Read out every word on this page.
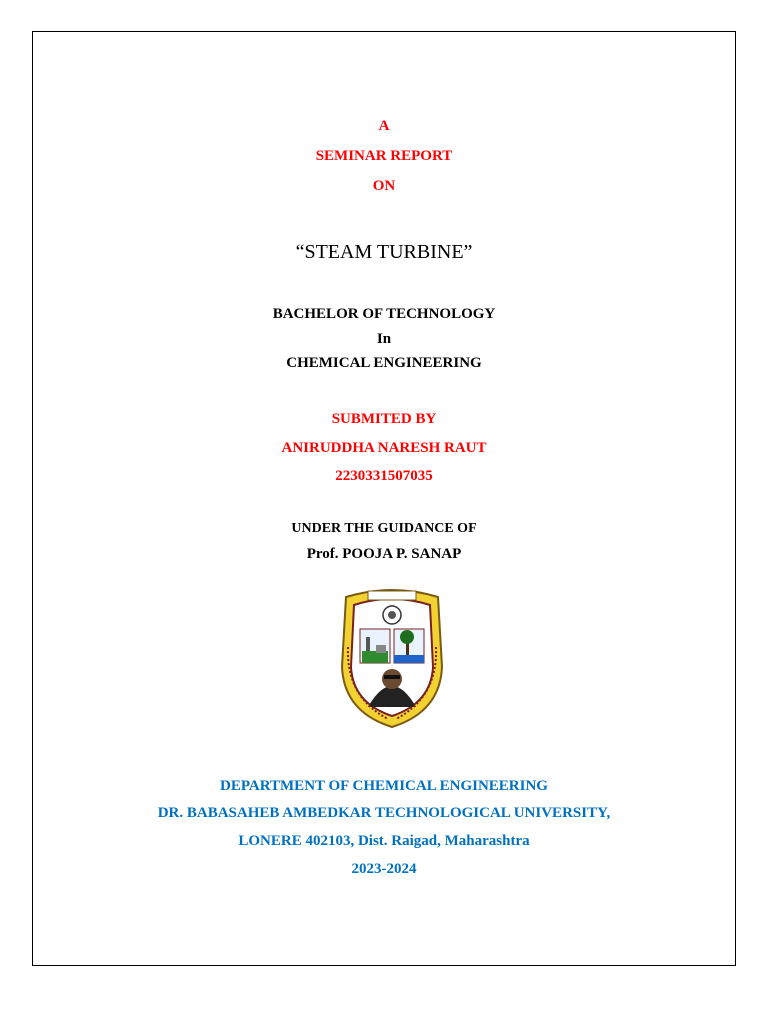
A
SEMINAR REPORT
ON
“STEAM TURBINE”
BACHELOR OF TECHNOLOGY
In
CHEMICAL ENGINEERING
SUBMITED BY
ANIRUDDHA NARESH RAUT
2230331507035
UNDER THE GUIDANCE OF
Prof. POOJA P. SANAP
DEPARTMENT OF CHEMICAL ENGINEERING
DR. BABASAHEB AMBEDKAR TECHNOLOGICAL UNIVERSITY,
LONERE 402103, Dist. Raigad, Maharashtra
2023-2024
